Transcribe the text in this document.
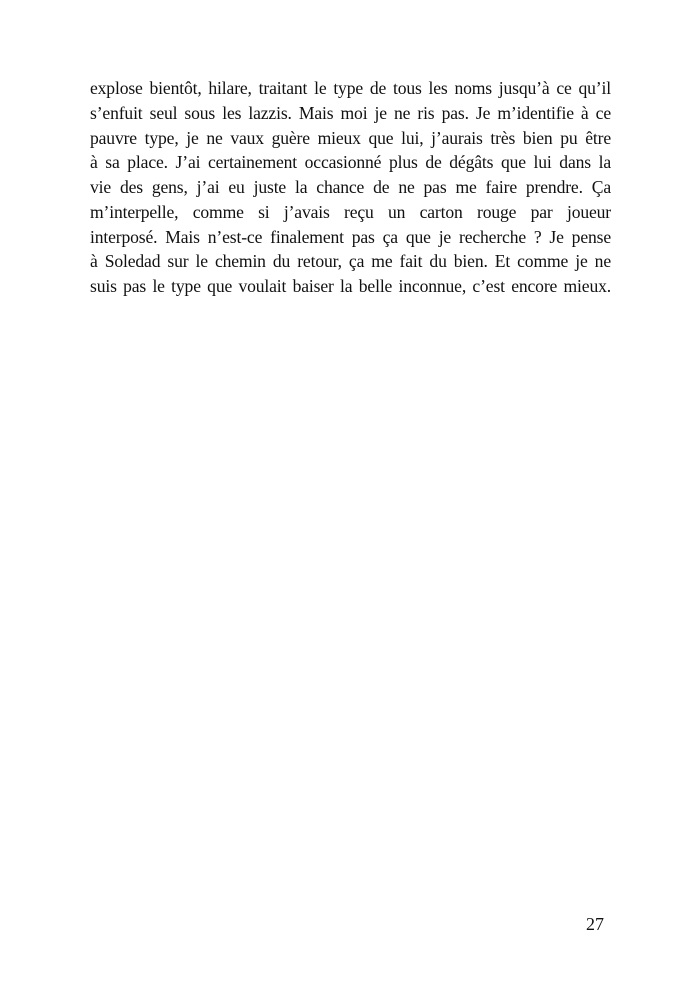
explose bientôt, hilare, traitant le type de tous les noms jusqu’à ce qu’il
s’enfuit seul sous les lazzis. Mais moi je ne ris pas. Je m’identifie à ce
pauvre type, je ne vaux guère mieux que lui, j’aurais très bien pu être
à sa place. J’ai certainement occasionné plus de dégâts que lui dans la
vie des gens, j’ai eu juste la chance de ne pas me faire prendre. Ça
m’interpelle, comme si j’avais reçu un carton rouge par joueur
interposé. Mais n’est-ce finalement pas ça que je recherche ? Je pense
à Soledad sur le chemin du retour, ça me fait du bien. Et comme je ne
suis pas le type que voulait baiser la belle inconnue, c’est encore mieux.
27
